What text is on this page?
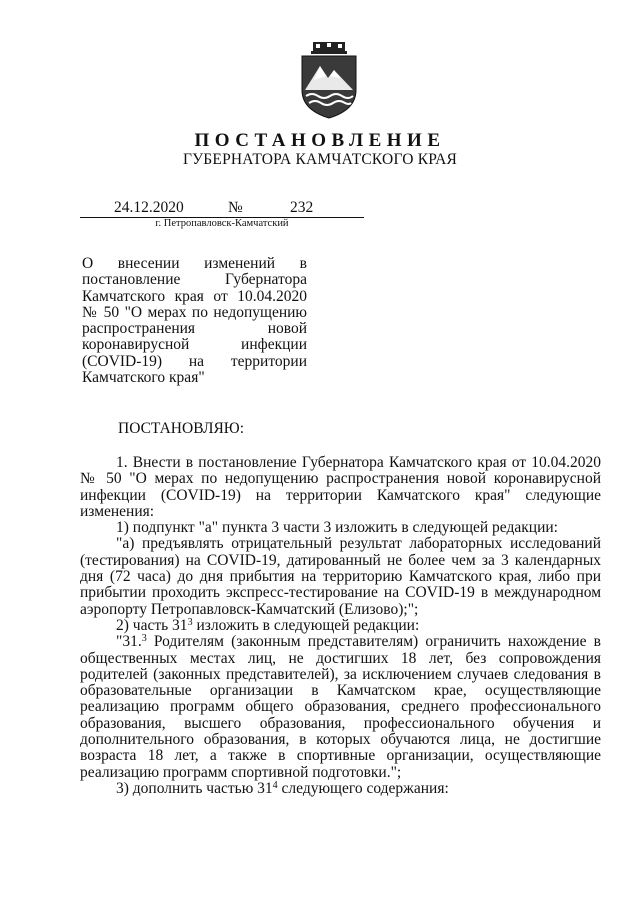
ПОСТАНОВЛЕНИЕ
ГУБЕРНАТОРА КАМЧАТСКОГО КРАЯ
24.12.2020	№	232
г. Петропавловск-Камчатский
О внесении изменений в
постановление Губернатора
Камчатского края от 10.04.2020
№ 50 "О мерах по недопущению
распространения новой
коронавирусной инфекции
(COVID-19) на территории
Камчатского края"
ПОСТАНОВЛЯЮ:

1. Внести в постановление Губернатора Камчатского края от 10.04.2020 № 50 "О мерах по недопущению распространения новой коронавирусной инфекции (COVID-19) на территории Камчатского края" следующие изменения:

1) подпункт "а" пункта 3 части 3 изложить в следующей редакции:

"а) предъявлять отрицательный результат лабораторных исследований (тестирования) на COVID-19, датированный не более чем за 3 календарных дня (72 часа) до дня прибытия на территорию Камчатского края, либо при прибытии проходить экспресс-тестирование на COVID-19 в международном аэропорту Петропавловск-Камчатский (Елизово);";

2) часть $31^3$ изложить в следующей редакции:

"31.$^3$ Родителям (законным представителям) ограничить нахождение в общественных местах лиц, не достигших 18 лет, без сопровождения родителей (законных представителей), за исключением случаев следования в образовательные организации в Камчатском крае, осуществляющие реализацию программ общего образования, среднего профессионального образования, высшего образования, профессионального обучения и дополнительного образования, в которых обучаются лица, не достигшие возраста 18 лет, а также в спортивные организации, осуществляющие реализацию программ спортивной подготовки.";

3) дополнить частью $31^4$ следующего содержания:
